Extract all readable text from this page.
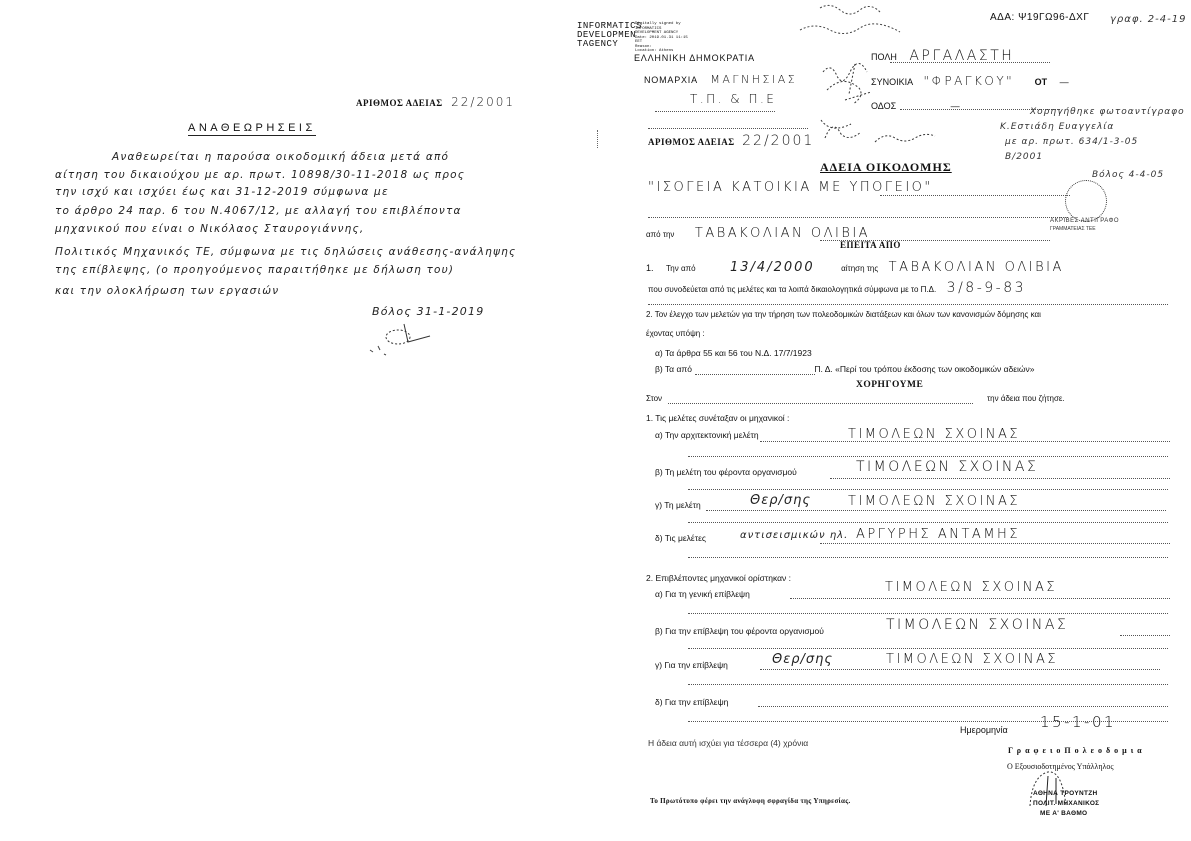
ΑΡΙΘΜΟΣ ΑΔΕΙΑΣ 22/2001
ΑΝΑΘΕΩΡΗΣΕΙΣ
Αναθεωρείται η παρούσα οικοδομική άδεια μετά από
αίτηση του δικαιούχου με αρ. πρωτ. 10898/30-11-2018 ως προς
την ισχύ και ισχύει έως και 31-12-2019 σύμφωνα με
το άρθρο 24 παρ. 6 του Ν.4067/12, με αλλαγή του επιβλέποντα
μηχανικού που είναι ο Νικόλαος Σταυρογιάννης,
Πολιτικός Μηχανικός ΤΕ, σύμφωνα με τις δηλώσεις ανάθεσης-ανάληψης
της επίβλεψης, (ο προηγούμενος παραιτήθηκε με δήλωση του)
και την ολοκλήρωση των εργασιών
Βόλος 31-1-2019
INFORMATICS
DEVELOPMEN
TAGENCY
Digitally signed by
INFORMATICS
DEVELOPMENT AGENCY
Date: 2019.01.31 11:15
EET
Reason:
Location: Athens
ΑΔΑ: Ψ19ΓΩ96-ΔΧΓ γραφ. 2-4-19
ΕΛΛΗΝΙΚΗ ΔΗΜΟΚΡΑΤΙΑ
ΝΟΜΑΡΧΙΑ ΜΑΓΝΗΣΙΑΣ
Τ.Π. & Π.Ε
ΑΡΙΘΜΟΣ ΑΔΕΙΑΣ 22/2001
ΠΟΛΗ ΑΡΓΑΛΑΣΤΗ
ΣΥΝΟΙΚΙΑ "ΦΡΑΓΚΟΥ" ΟΤ —
ΟΔΟΣ	—
Χορηγήθηκε φωτοαντίγραφο
Κ.Εστιάδη Ευαγγελία
με αρ. πρωτ. 634/1-3-05
Β/2001
Βόλος 4-4-05
ΑΔΕΙΑ ΟΙΚΟΔΟΜΗΣ
"ΙΣΟΓΕΙΑ ΚΑΤΟΙΚΙΑ ΜΕ ΥΠΟΓΕΙΟ"
ΑΚΡΙΒΕΣ ΑΝΤΙΓΡΑΦΟ
ΓΡΑΜΜΑΤΕΙΑΣ ΤΕΕ
από την ΤΑΒΑΚΟΛΙΑΝ ΟΛΙΒΙΑ
ΕΠΕΙΤΑ ΑΠΟ
1. Την από	13/4/2000	αίτηση της ΤΑΒΑΚΟΛΙΑΝ ΟΛΙΒΙΑ
που συνοδεύεται από τις μελέτες και τα λοιπά δικαιολογητικά σύμφωνα με το Π.Δ. 3/8-9-83
2. Τον έλεγχο των μελετών για την τήρηση των πολεοδομικών διατάξεων και όλων των κανονισμών δόμησης και
έχοντας υπόψη :
α) Τα άρθρα 55 και 56 του Ν.Δ. 17/7/1923
β) Τα από	Π. Δ. «Περί του τρόπου έκδοσης των οικοδομικών αδειών»
ΧΟΡΗΓΟΥΜΕ
Στον	την άδεια που ζήτησε.
1. Τις μελέτες συνέταξαν οι μηχανικοί :
α) Την αρχιτεκτονική μελέτη	ΤΙΜΟΛΕΩΝ ΣΧΟΙΝΑΣ
β) Τη μελέτη του φέροντα οργανισμού	ΤΙΜΟΛΕΩΝ ΣΧΟΙΝΑΣ
γ) Τη μελέτη	Θερ/σης	ΤΙΜΟΛΕΩΝ ΣΧΟΙΝΑΣ
δ) Τις μελέτες	αντισεισμικών ηλ. ΑΡΓΥΡΗΣ ΑΝΤΑΜΗΣ
2. Επιβλέποντες μηχανικοί ορίστηκαν :
α) Για τη γενική επίβλεψη	ΤΙΜΟΛΕΩΝ ΣΧΟΙΝΑΣ
β) Για την επίβλεψη του φέροντα οργανισμού	ΤΙΜΟΛΕΩΝ ΣΧΟΙΝΑΣ
γ) Για την επίβλεψη	Θερ/σης	ΤΙΜΟΛΕΩΝ ΣΧΟΙΝΑΣ
δ) Για την επίβλεψη
Ημερομηνία 15-1-01
Η άδεια αυτή ισχύει για τέσσερα (4) χρόνια
Γ ρ α φ ε ι ο Π ο λ ε ο δ ο μ ι α
Ο Εξουσιοδοτημένος Υπάλληλος
ΑΘΗΝΑ ΤΡΟΥΝΤΖΗ
ΠΟΛΙΤ. ΜΗΧΑΝΙΚΟΣ
ΜΕ Α' ΒΑΘΜΟ
Το Πρωτότυπο φέρει την ανάγλυφη σφραγίδα της Υπηρεσίας.
